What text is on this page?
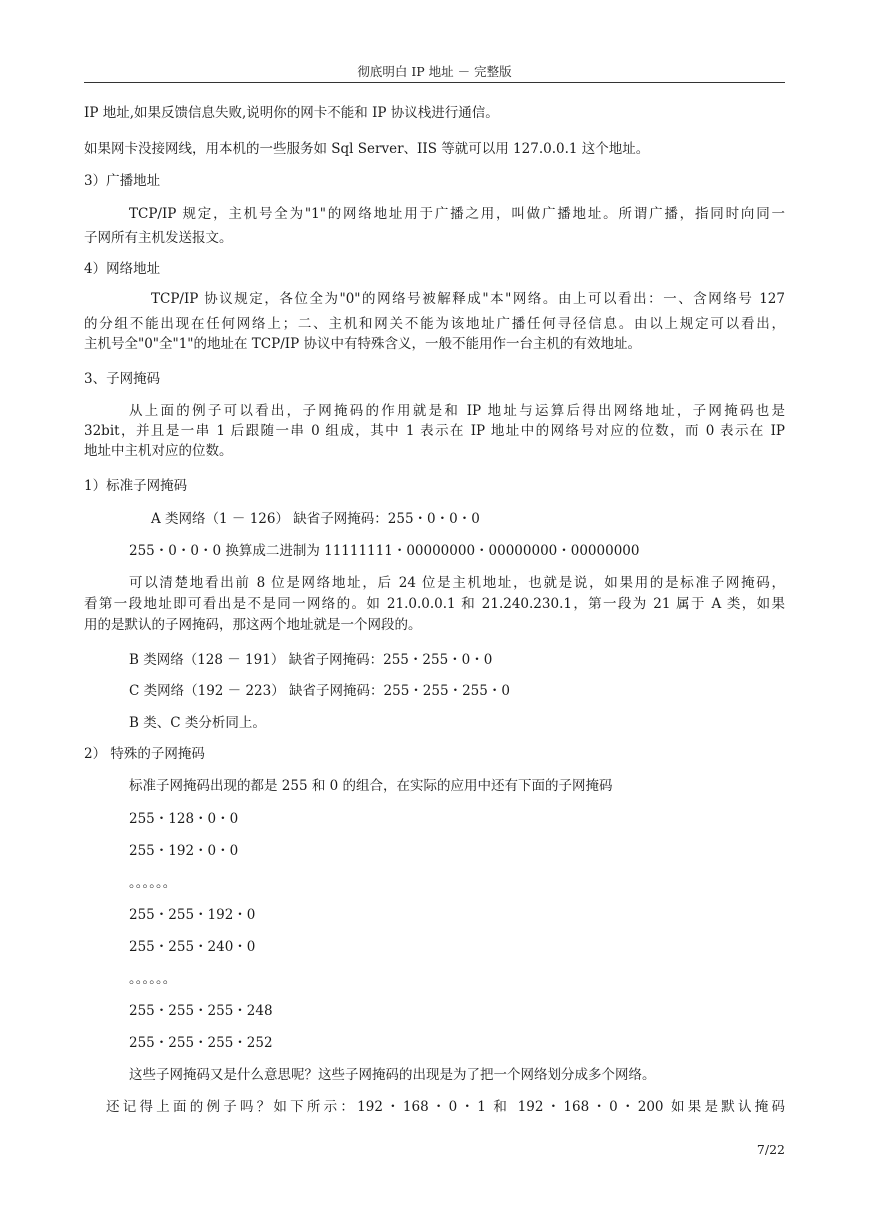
彻底明白 IP 地址 － 完整版
IP 地址,如果反馈信息失败,说明你的网卡不能和 IP 协议栈进行通信。
如果网卡没接网线，用本机的一些服务如 Sql Server、IIS 等就可以用 127.0.0.1 这个地址。
3）广播地址
TCP/IP 规定，主机号全为"1"的网络地址用于广播之用，叫做广播地址。所谓广播，指同时向同一
子网所有主机发送报文。
4）网络地址
TCP/IP 协议规定，各位全为"0"的网络号被解释成"本"网络。由上可以看出：一、含网络号 127
的分组不能出现在任何网络上；二、主机和网关不能为该地址广播任何寻径信息。由以上规定可以看出，
主机号全"0"全"1"的地址在 TCP/IP 协议中有特殊含义，一般不能用作一台主机的有效地址。
3、子网掩码
从上面的例子可以看出，子网掩码的作用就是和 IP 地址与运算后得出网络地址，子网掩码也是
32bit，并且是一串 1 后跟随一串 0 组成，其中 1 表示在 IP 地址中的网络号对应的位数，而 0 表示在 IP
地址中主机对应的位数。
1）标准子网掩码
A 类网络（1 － 126） 缺省子网掩码：255・0・0・0
255・0・0・0 换算成二进制为 11111111・00000000・00000000・00000000
可以清楚地看出前 8 位是网络地址，后 24 位是主机地址，也就是说，如果用的是标准子网掩码，
看第一段地址即可看出是不是同一网络的。如 21.0.0.0.1 和 21.240.230.1，第一段为 21 属于 A 类，如果
用的是默认的子网掩码，那这两个地址就是一个网段的。
B 类网络（128 － 191） 缺省子网掩码：255・255・0・0
C 类网络（192 － 223） 缺省子网掩码：255・255・255・0
B 类、C 类分析同上。
2） 特殊的子网掩码
标准子网掩码出现的都是 255 和 0 的组合，在实际的应用中还有下面的子网掩码
255・128・0・0
255・192・0・0
。。。。。。
255・255・192・0
255・255・240・0
。。。。。。
255・255・255・248
255・255・255・252
这些子网掩码又是什么意思呢？这些子网掩码的出现是为了把一个网络划分成多个网络。
还记得上面的例子吗？如下所示：192・168・0・1 和 192・168・0・200 如果是默认掩码
7/22
